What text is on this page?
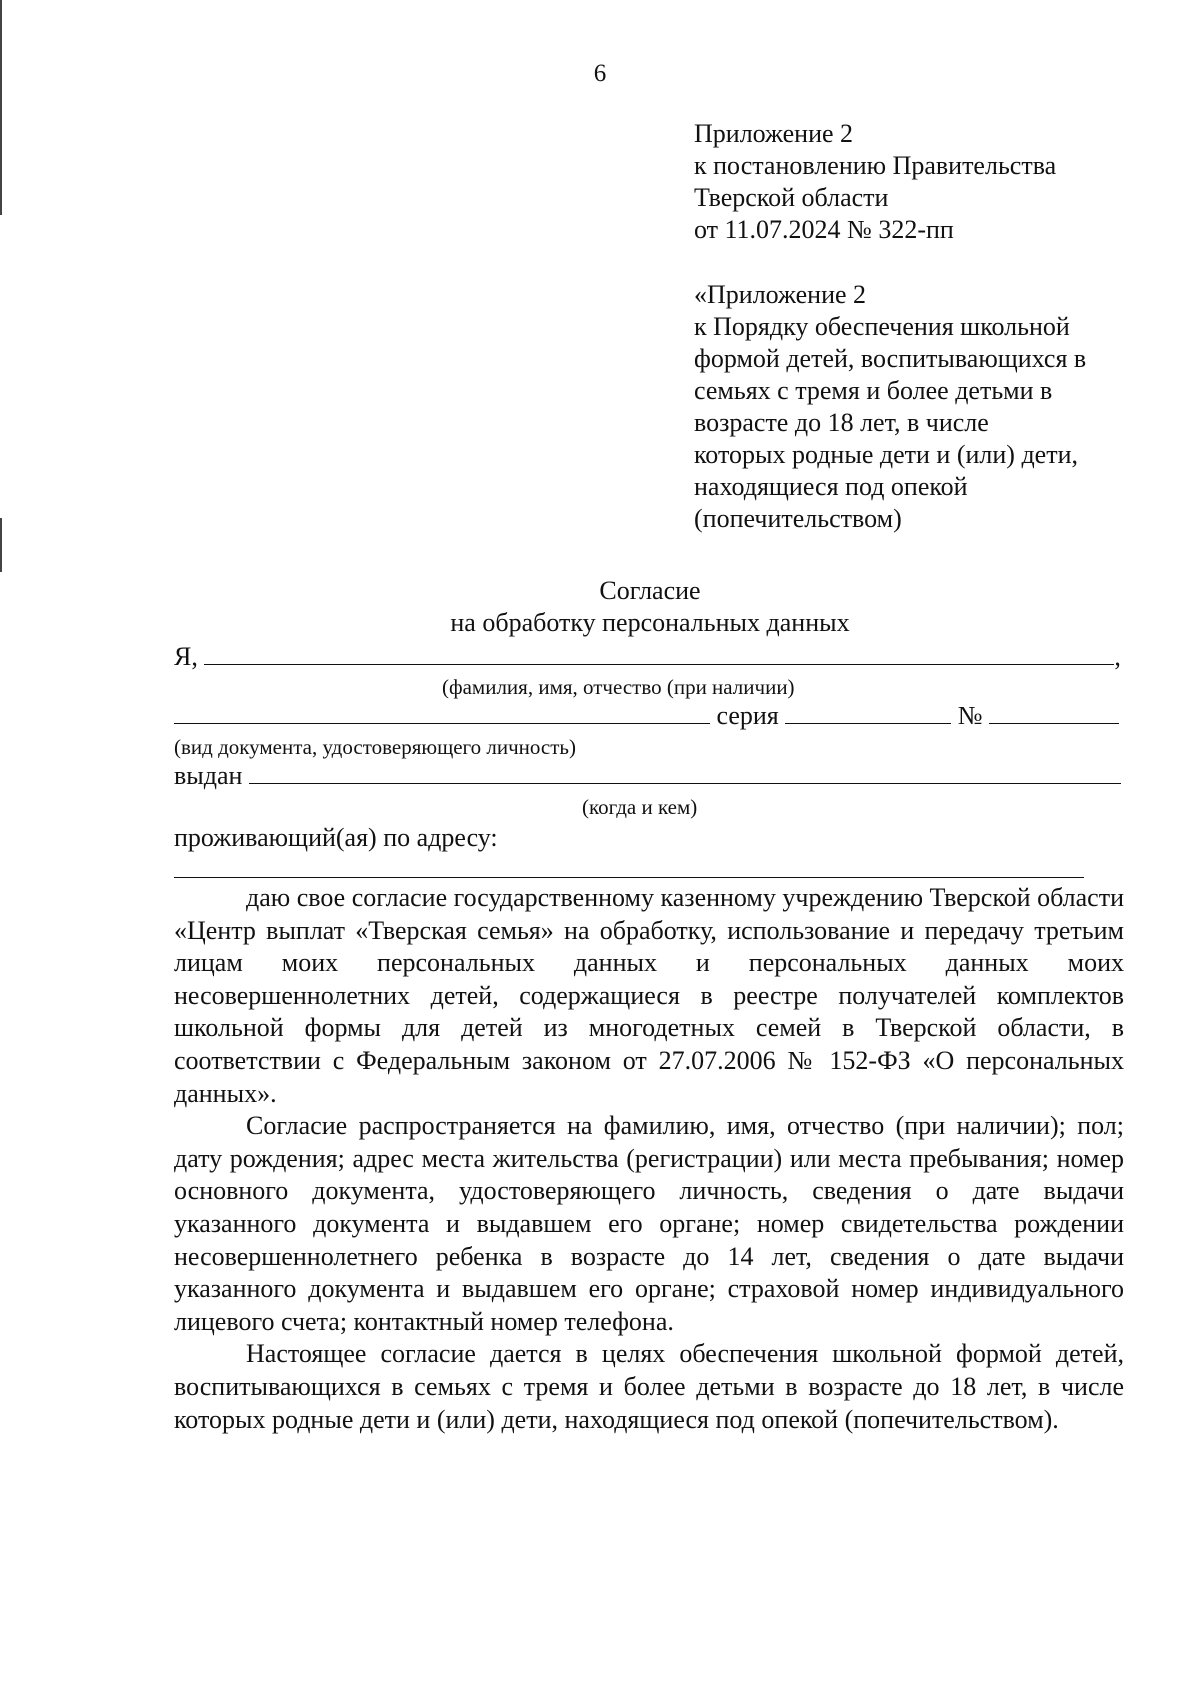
6
Приложение 2
к постановлению Правительства
Тверской области
от 11.07.2024 № 322-пп
«Приложение 2
к Порядку обеспечения школьной
формой детей, воспитывающихся в
семьях с тремя и более детьми в
возрасте до 18 лет, в числе
которых родные дети и (или) дети,
находящиеся под опекой
(попечительством)
Согласие
на обработку персональных данных
Я,	,
(фамилия, имя, отчество (при наличии)
серия	№
(вид документа, удостоверяющего личность)
выдан
(когда и кем)
проживающий(ая) по адресу:

даю свое согласие государственному казенному учреждению Тверской области «Центр выплат «Тверская семья» на обработку, использование и передачу третьим лицам моих персональных данных и персональных данных моих несовершеннолетних детей, содержащиеся в реестре получателей комплектов школьной формы для детей из многодетных семей в Тверской области, в соответствии с Федеральным законом от 27.07.2006 № 152-ФЗ «О персональных данных».

Согласие распространяется на фамилию, имя, отчество (при наличии); пол; дату рождения; адрес места жительства (регистрации) или места пребывания; номер основного документа, удостоверяющего личность, сведения о дате выдачи указанного документа и выдавшем его органе; номер свидетельства рождении несовершеннолетнего ребенка в возрасте до 14 лет, сведения о дате выдачи указанного документа и выдавшем его органе; страховой номер индивидуального лицевого счета; контактный номер телефона.

Настоящее согласие дается в целях обеспечения школьной формой детей, воспитывающихся в семьях с тремя и более детьми в возрасте до 18 лет, в числе которых родные дети и (или) дети, находящиеся под опекой (попечительством).
